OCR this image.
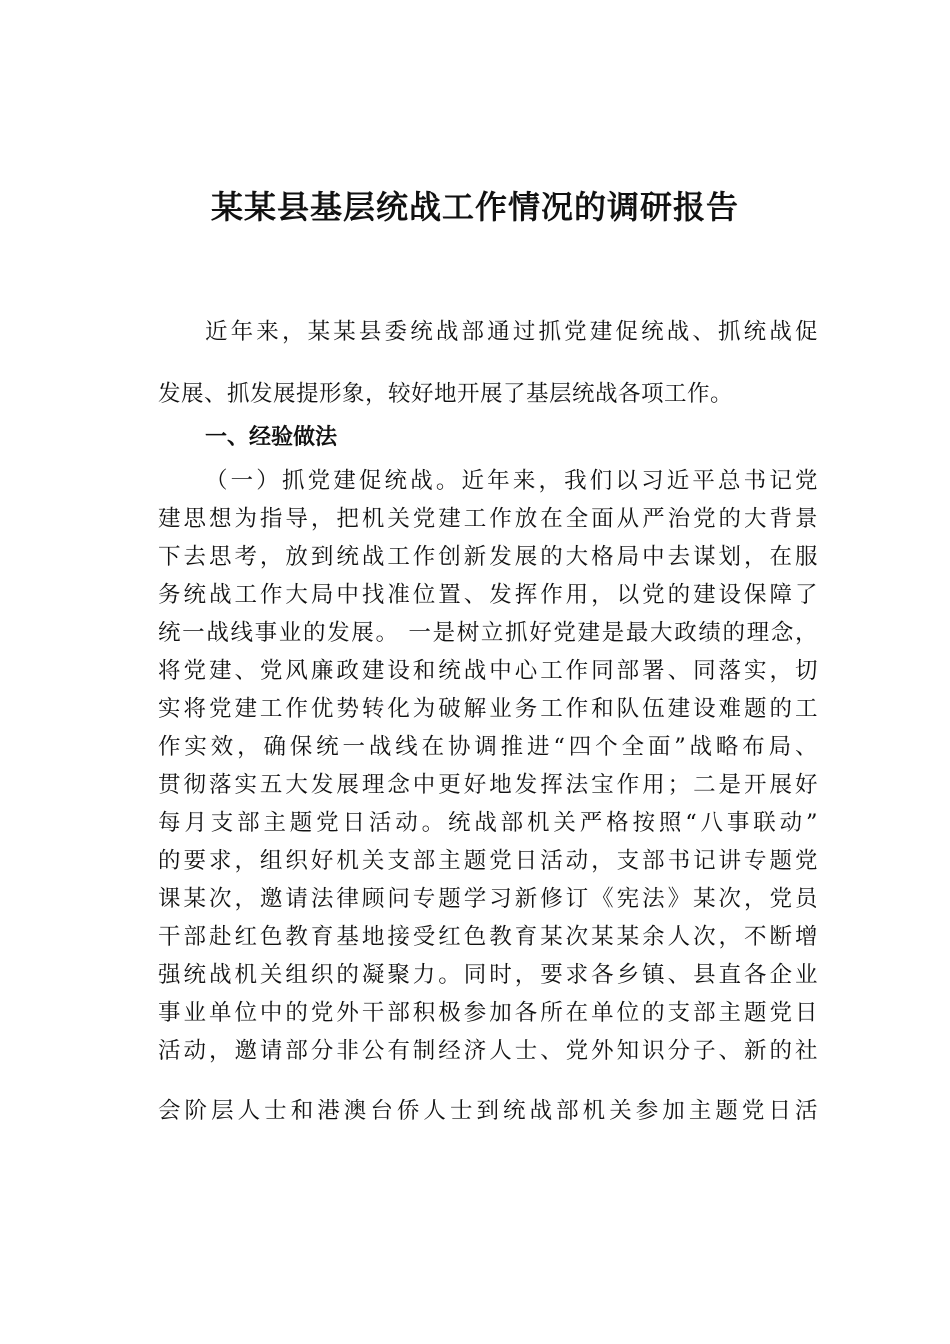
某某县基层统战工作情况的调研报告
近年来，某某县委统战部通过抓党建促统战、抓统战促
发展、抓发展提形象，较好地开展了基层统战各项工作。
一、经验做法
（一）抓党建促统战。近年来，我们以习近平总书记党
建思想为指导，把机关党建工作放在全面从严治党的大背景
下去思考，放到统战工作创新发展的大格局中去谋划，在服
务统战工作大局中找准位置、发挥作用，以党的建设保障了
统一战线事业的发展。 一是树立抓好党建是最大政绩的理念，
将党建、党风廉政建设和统战中心工作同部署、同落实，切
实将党建工作优势转化为破解业务工作和队伍建设难题的工
作实效，确保统一战线在协调推进“四个全面”战略布局、
贯彻落实五大发展理念中更好地发挥法宝作用；二是开展好
每月支部主题党日活动。统战部机关严格按照“八事联动”
的要求，组织好机关支部主题党日活动，支部书记讲专题党
课某次，邀请法律顾问专题学习新修订《宪法》某次，党员
干部赴红色教育基地接受红色教育某次某某余人次，不断增
强统战机关组织的凝聚力。同时，要求各乡镇、县直各企业
事业单位中的党外干部积极参加各所在单位的支部主题党日
活动，邀请部分非公有制经济人士、党外知识分子、新的社
会阶层人士和港澳台侨人士到统战部机关参加主题党日活
